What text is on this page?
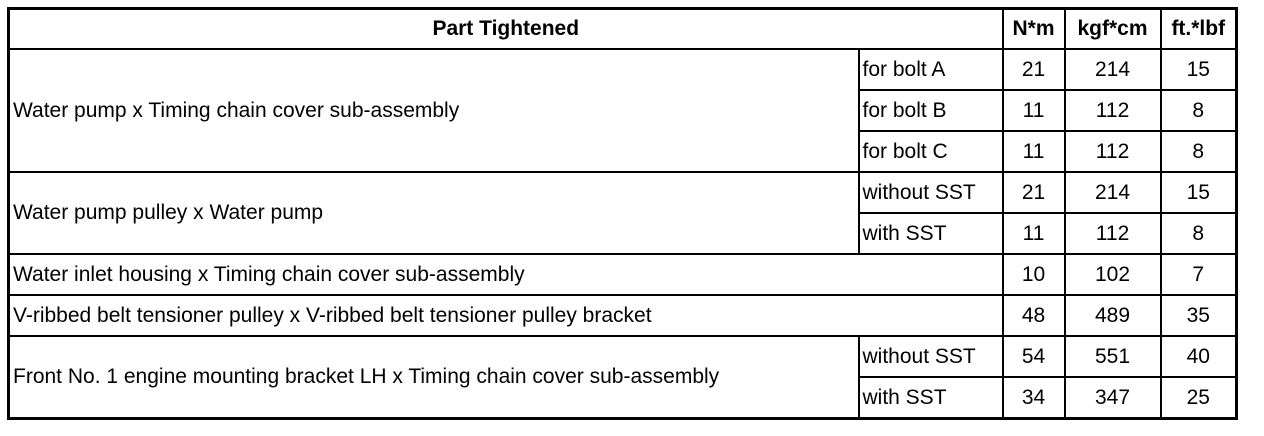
Part Tightened		N*m	kgf*cm	ft.*lbf
Water pump x Timing chain cover sub-assembly	for bolt A	21	214	15
	for bolt B	11	112	8
	for bolt C	11	112	8
Water pump pulley x Water pump	without SST	21	214	15
	with SST	11	112	8
Water inlet housing x Timing chain cover sub-assembly		10	102	7
V-ribbed belt tensioner pulley x V-ribbed belt tensioner pulley bracket		48	489	35
Front No. 1 engine mounting bracket LH x Timing chain cover sub-assembly	without SST	54	551	40
	with SST	34	347	25
